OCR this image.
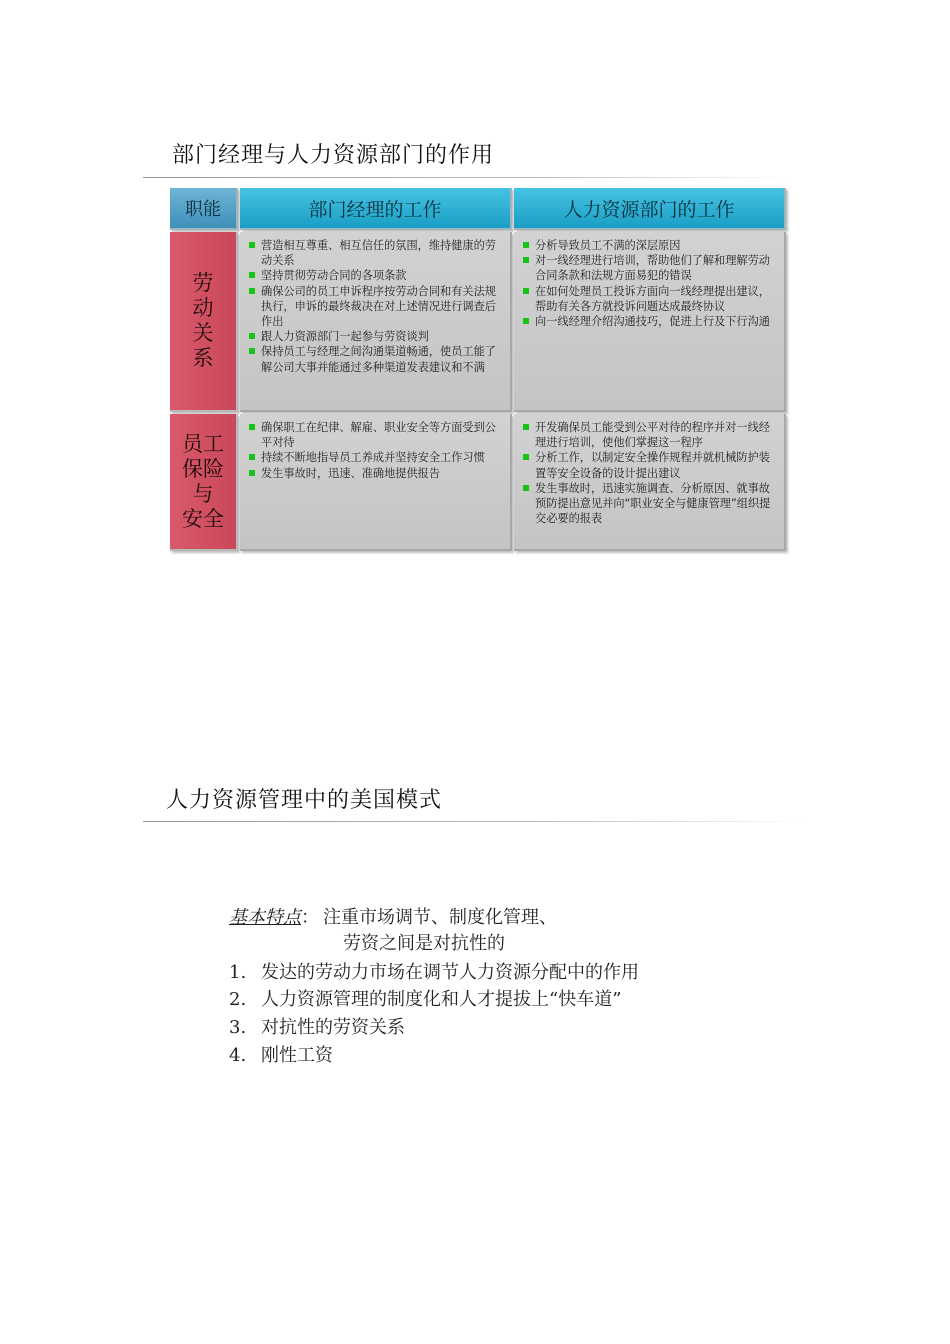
部门经理与人力资源部门的作用
职能	部门经理的工作	人力资源部门的工作
劳
动
关
系
营造相互尊重、相互信任的氛围，维持健康的劳动关系
坚持贯彻劳动合同的各项条款
确保公司的员工申诉程序按劳动合同和有关法规执行，申诉的最终裁决在对上述情况进行调查后作出
跟人力资源部门一起参与劳资谈判
保持员工与经理之间沟通渠道畅通，使员工能了解公司大事并能通过多种渠道发表建议和不满
分析导致员工不满的深层原因
对一线经理进行培训，帮助他们了解和理解劳动合同条款和法规方面易犯的错误
在如何处理员工投诉方面向一线经理提出建议，帮助有关各方就投诉问题达成最终协议
向一线经理介绍沟通技巧，促进上行及下行沟通
员工
保险
与
安全
确保职工在纪律、解雇、职业安全等方面受到公平对待
持续不断地指导员工养成并坚持安全工作习惯
发生事故时，迅速、准确地提供报告
开发确保员工能受到公平对待的程序并对一线经理进行培训，使他们掌握这一程序
分析工作，以制定安全操作规程并就机械防护装置等安全设备的设计提出建议
发生事故时，迅速实施调查、分析原因、就事故预防提出意见并向“职业安全与健康管理”组织提交必要的报表
人力资源管理中的美国模式
基本特点： 注重市场调节、制度化管理、
劳资之间是对抗性的
1. 发达的劳动力市场在调节人力资源分配中的作用
2. 人力资源管理的制度化和人才提拔上“快车道”
3. 对抗性的劳资关系
4. 刚性工资
